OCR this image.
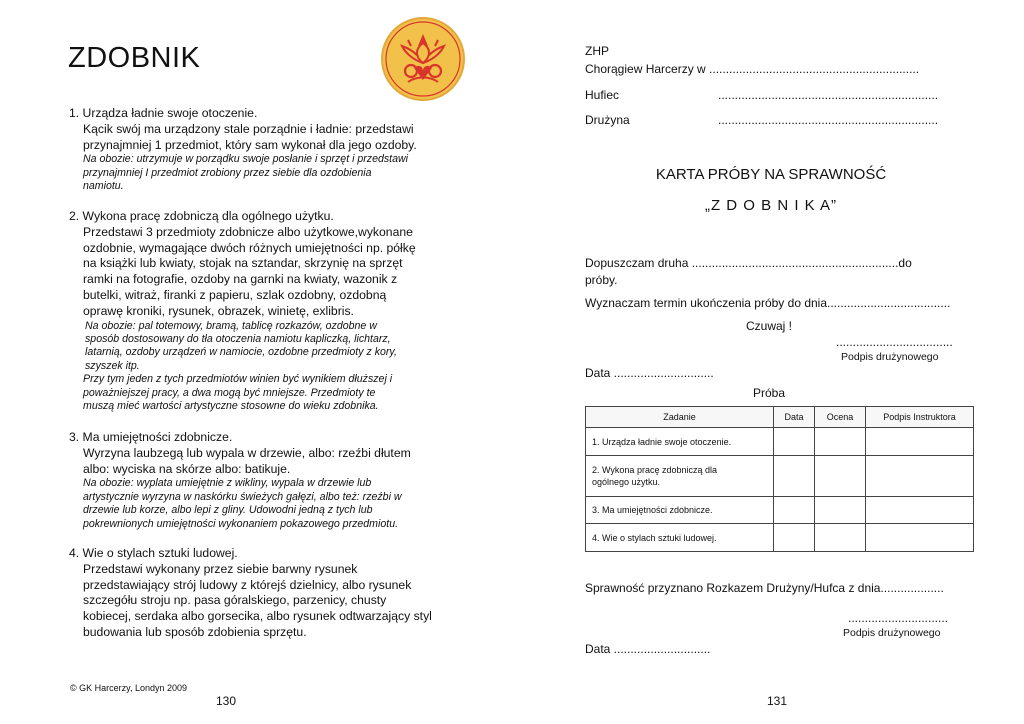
ZDOBNIK
1. Urządza ładnie swoje otoczenie.
Kącik swój ma urządzony stale porządnie i ładnie: przedstawi
przynajmniej 1 przedmiot, który sam wykonał dla jego ozdoby.
Na obozie: utrzymuje w porządku swoje posłanie i sprzęt i przedstawi
przynajmniej I przedmiot zrobiony przez siebie dla ozdobienia
namiotu.
2. Wykona pracę zdobniczą dla ogólnego użytku.
Przedstawi 3 przedmioty zdobnicze albo użytkowe,wykonane
ozdobnie, wymagające dwóch różnych umiejętności np. półkę
na książki lub kwiaty, stojak na sztandar, skrzynię na sprzęt
ramki na fotografie, ozdoby na garnki na kwiaty, wazonik z
butelki, witraż, firanki z papieru, szlak ozdobny, ozdobną
oprawę kroniki, rysunek, obrazek, winietę, exlibris.
Na obozie: pal totemowy, bramą, tablicę rozkazów, ozdobne w
sposób dostosowany do tła otoczenia namiotu kapliczką, lichtarz,
latarnią, ozdoby urządzeń w namiocie, ozdobne przedmioty z kory,
szyszek itp.
Przy tym jeden z tych przedmiotów winien być wynikiem dłuższej i
poważniejszej pracy, a dwa mogą być mniejsze. Przedmioty te
muszą mieć wartości artystyczne stosowne do wieku zdobnika.
3. Ma umiejętności zdobnicze.
Wyrzyna laubzegą lub wypala w drzewie, albo: rzeźbi dłutem
albo: wyciska na skórze albo: batikuje.
Na obozie: wyplata umiejętnie z wikliny, wypala w drzewie lub
artystycznie wyrzyna w naskórku świeżych gałęzi, albo też: rzeźbi w
drzewie lub korze, albo lepi z gliny. Udowodni jedną z tych lub
pokrewnionych umiejętności wykonaniem pokazowego przedmiotu.
4. Wie o stylach sztuki ludowej.
Przedstawi wykonany przez siebie barwny rysunek
przedstawiający strój ludowy z którejś dzielnicy, albo rysunek
szczegółu stroju np. pasa góralskiego, parzenicy, chusty
kobiecej, serdaka albo gorsecika, albo rysunek odtwarzający styl
budowania lub sposób zdobienia sprzętu.
© GK Harcerzy, Londyn 2009
130
ZHP
Chorągiew Harcerzy w ...............................................................
Hufiec	..................................................................
Drużyna	..................................................................
KARTA PRÓBY NA SPRAWNOŚĆ
„Z D O B N I K A”
Dopuszczam druha ..............................................................do
próby.
Wyznaczam termin ukończenia próby do dnia.....................................
Czuwaj !
...................................
Podpis drużynowego
Data ..............................
Próba
Zadanie	Data	Ocena	Podpis Instruktora
1. Urządza ładnie swoje otoczenie.			
2. Wykona pracę zdobniczą dla
ogólnego użytku.			
3. Ma umiejętności zdobnicze.			
4. Wie o stylach sztuki ludowej.			
Sprawność przyznano Rozkazem Drużyny/Hufca z dnia...................
..............................
Podpis drużynowego
Data .............................
131
